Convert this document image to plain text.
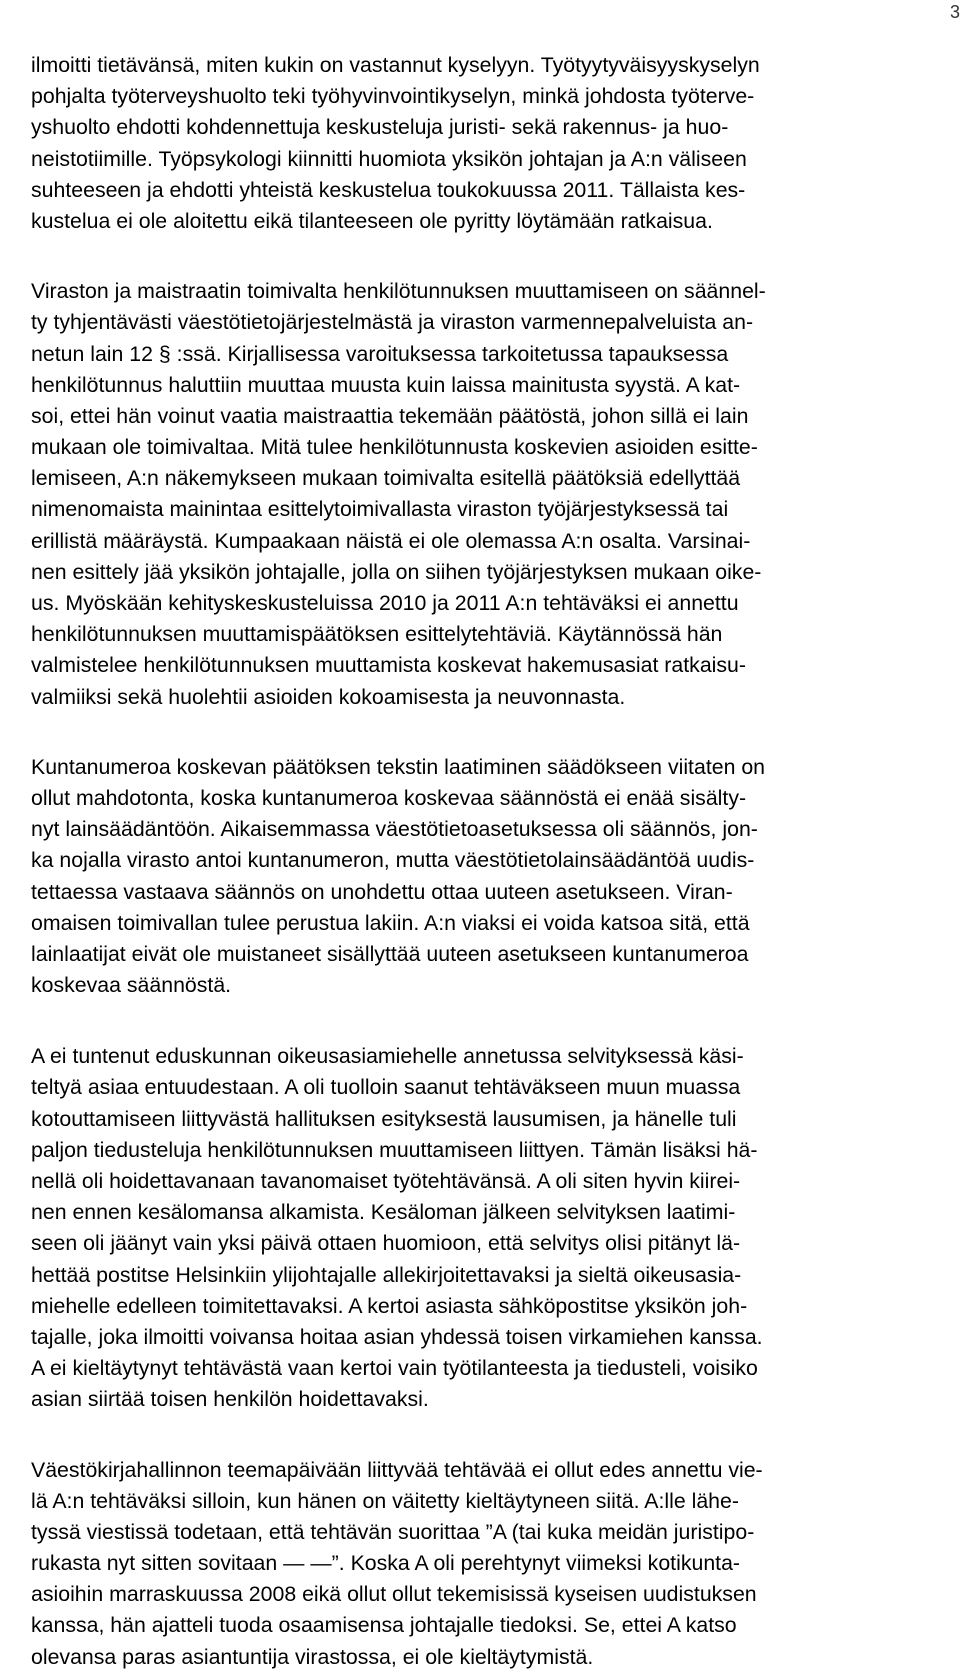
3
ilmoitti tietävänsä, miten kukin on vastannut kyselyyn. Työtyytyväisyyskyselyn
pohjalta työterveyshuolto teki työhyvinvointikyselyn, minkä johdosta työterve-
yshuolto ehdotti kohdennettuja keskusteluja juristi- sekä rakennus- ja huo-
neistotiimille. Työpsykologi kiinnitti huomiota yksikön johtajan ja A:n väliseen
suhteeseen ja ehdotti yhteistä keskustelua toukokuussa 2011. Tällaista kes-
kustelua ei ole aloitettu eikä tilanteeseen ole pyritty löytämään ratkaisua.
Viraston ja maistraatin toimivalta henkilötunnuksen muuttamiseen on säännel-
ty tyhjentävästi väestötietojärjestelmästä ja viraston varmennepalveluista an-
netun lain 12 § :ssä. Kirjallisessa varoituksessa tarkoitetussa tapauksessa
henkilötunnus haluttiin muuttaa muusta kuin laissa mainitusta syystä. A kat-
soi, ettei hän voinut vaatia maistraattia tekemään päätöstä, johon sillä ei lain
mukaan ole toimivaltaa. Mitä tulee henkilötunnusta koskevien asioiden esitte-
lemiseen, A:n näkemykseen mukaan toimivalta esitellä päätöksiä edellyttää
nimenomaista mainintaa esittelytoimivallasta viraston työjärjestyksessä tai
erillistä määräystä. Kumpaakaan näistä ei ole olemassa A:n osalta. Varsinai-
nen esittely jää yksikön johtajalle, jolla on siihen työjärjestyksen mukaan oike-
us. Myöskään kehityskeskusteluissa 2010 ja 2011 A:n tehtäväksi ei annettu
henkilötunnuksen muuttamispäätöksen esittelytehtäviä. Käytännössä hän
valmistelee henkilötunnuksen muuttamista koskevat hakemusasiat ratkaisu-
valmiiksi sekä huolehtii asioiden kokoamisesta ja neuvonnasta.
Kuntanumeroa koskevan päätöksen tekstin laatiminen säädökseen viitaten on
ollut mahdotonta, koska kuntanumeroa koskevaa säännöstä ei enää sisälty-
nyt lainsäädäntöön. Aikaisemmassa väestötietoasetuksessa oli säännös, jon-
ka nojalla virasto antoi kuntanumeron, mutta väestötietolainsäädäntöä uudis-
tettaessa vastaava säännös on unohdettu ottaa uuteen asetukseen. Viran-
omaisen toimivallan tulee perustua lakiin. A:n viaksi ei voida katsoa sitä, että
lainlaatijat eivät ole muistaneet sisällyttää uuteen asetukseen kuntanumeroa
koskevaa säännöstä.
A ei tuntenut eduskunnan oikeusasiamiehelle annetussa selvityksessä käsi-
teltyä asiaa entuudestaan. A oli tuolloin saanut tehtäväkseen muun muassa
kotouttamiseen liittyvästä hallituksen esityksestä lausumisen, ja hänelle tuli
paljon tiedusteluja henkilötunnuksen muuttamiseen liittyen. Tämän lisäksi hä-
nellä oli hoidettavanaan tavanomaiset työtehtävänsä. A oli siten hyvin kiirei-
nen ennen kesälomansa alkamista. Kesäloman jälkeen selvityksen laatimi-
seen oli jäänyt vain yksi päivä ottaen huomioon, että selvitys olisi pitänyt lä-
hettää postitse Helsinkiin ylijohtajalle allekirjoitettavaksi ja sieltä oikeusasia-
miehelle edelleen toimitettavaksi. A kertoi asiasta sähköpostitse yksikön joh-
tajalle, joka ilmoitti voivansa hoitaa asian yhdessä toisen virkamiehen kanssa.
A ei kieltäytynyt tehtävästä vaan kertoi vain työtilanteesta ja tiedusteli, voisiko
asian siirtää toisen henkilön hoidettavaksi.
Väestökirjahallinnon teemapäivään liittyvää tehtävää ei ollut edes annettu vie-
lä A:n tehtäväksi silloin, kun hänen on väitetty kieltäytyneen siitä. A:lle lähe-
tyssä viestissä todetaan, että tehtävän suorittaa ”A (tai kuka meidän juristipo-
rukasta nyt sitten sovitaan — —”. Koska A oli perehtynyt viimeksi kotikunta-
asioihin marraskuussa 2008 eikä ollut ollut tekemisissä kyseisen uudistuksen
kanssa, hän ajatteli tuoda osaamisensa johtajalle tiedoksi. Se, ettei A katso
olevansa paras asiantuntija virastossa, ei ole kieltäytymistä.
